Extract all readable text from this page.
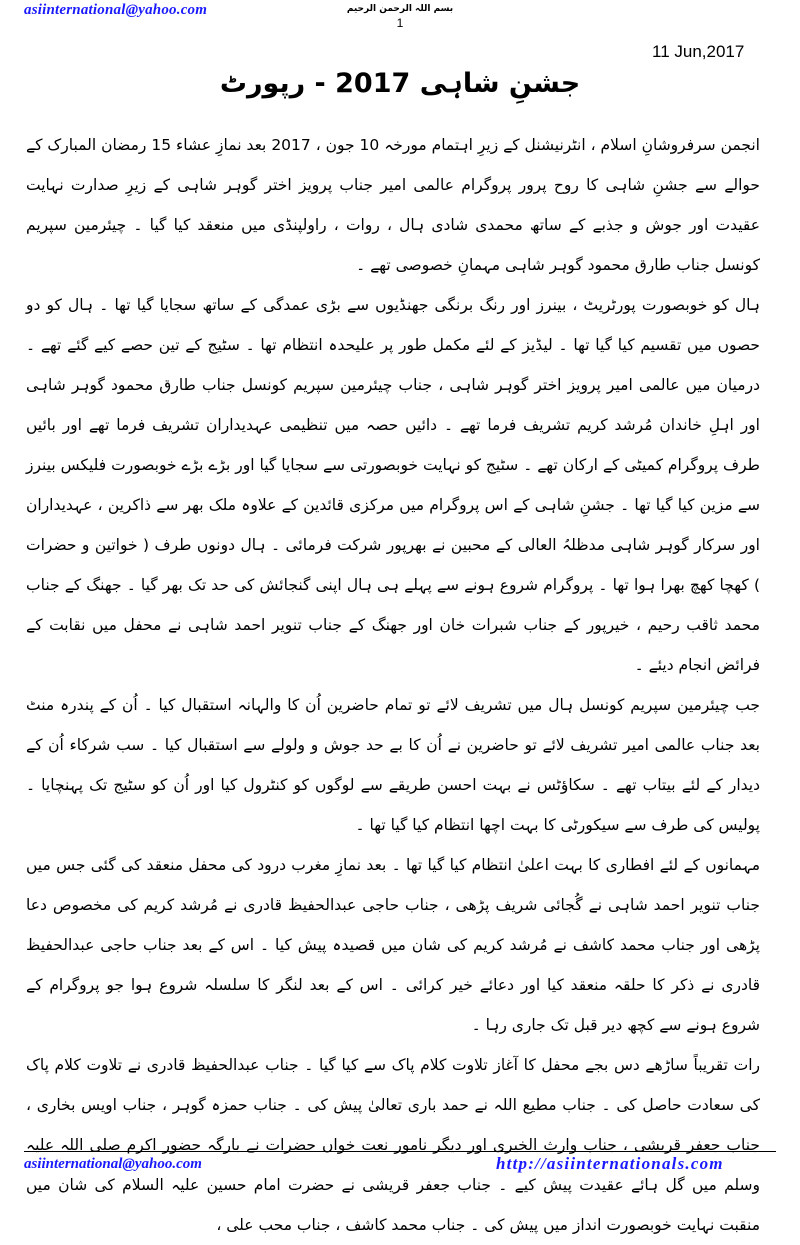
asiinternational@yahoo.com	بسم اللہ الرحمن الرحیم
1
11 Jun,2017
جشنِ شاہی 2017 - رپورٹ

انجمن سرفروشانِ اسلام ، انٹرنیشنل کے زیرِ اہتمام مورخہ 10 جون ، 2017 بعد نمازِ عشاء 15 رمضان المبارک کے حوالے سے جشنِ شاہی کا روح پرور پروگرام عالمی امیر جناب پرویز اختر گوہر شاہی کے زیرِ صدارت نہایت عقیدت اور جوش و جذبے کے ساتھ محمدی شادی ہال ، روات ، راولپنڈی میں منعقد کیا گیا ۔ چیئرمین سپریم کونسل جناب طارق محمود گوہر شاہی مہمانِ خصوصی تھے ۔

ہال کو خوبصورت پورٹریٹ ، بینرز اور رنگ برنگی جھنڈیوں سے بڑی عمدگی کے ساتھ سجایا گیا تھا ۔ ہال کو دو حصوں میں تقسیم کیا گیا تھا ۔ لیڈیز کے لئے مکمل طور پر علیحدہ انتظام تھا ۔ سٹیج کے تین حصے کیے گئے تھے ۔ درمیان میں عالمی امیر پرویز اختر گوہر شاہی ، جناب چیئرمین سپریم کونسل جناب طارق محمود گوہر شاہی اور اہلِ خاندان مُرشد کریم تشریف فرما تھے ۔ دائیں حصہ میں تنظیمی عہدیداران تشریف فرما تھے اور بائیں طرف پروگرام کمیٹی کے ارکان تھے ۔ سٹیج کو نہایت خوبصورتی سے سجایا گیا اور بڑے بڑے خوبصورت فلیکس بینرز سے مزین کیا گیا تھا ۔ جشنِ شاہی کے اس پروگرام میں مرکزی قائدین کے علاوہ ملک بھر سے ذاکرین ، عہدیداران اور سرکار گوہر شاہی مدظلہُ العالی کے محبین نے بھرپور شرکت فرمائی ۔ ہال دونوں طرف ( خواتین و حضرات ) کھچا کھچ بھرا ہوا تھا ۔ پروگرام شروع ہونے سے پہلے ہی ہال اپنی گنجائش کی حد تک بھر گیا ۔ جھنگ کے جناب محمد ثاقب رحیم ، خیرپور کے جناب شبرات خان اور جھنگ کے جناب تنویر احمد شاہی نے محفل میں نقابت کے فرائض انجام دیئے ۔

جب چیئرمین سپریم کونسل ہال میں تشریف لائے تو تمام حاضرین اُن کا والہانہ استقبال کیا ۔ اُن کے پندرہ منٹ بعد جناب عالمی امیر تشریف لائے تو حاضرین نے اُن کا بے حد جوش و ولولے سے استقبال کیا ۔ سب شرکاء اُن کے دیدار کے لئے بیتاب تھے ۔ سکاؤٹس نے بہت احسن طریقے سے لوگوں کو کنٹرول کیا اور اُن کو سٹیج تک پہنچایا ۔ پولیس کی طرف سے سیکورٹی کا بہت اچھا انتظام کیا گیا تھا ۔

مہمانوں کے لئے افطاری کا بہت اعلیٰ انتظام کیا گیا تھا ۔ بعد نمازِ مغرب درود کی محفل منعقد کی گئی جس میں جناب تنویر احمد شاہی نے گُجائی شریف پڑھی ، جناب حاجی عبدالحفیظ قادری نے مُرشد کریم کی مخصوص دعا پڑھی اور جناب محمد کاشف نے مُرشد کریم کی شان میں قصیدہ پیش کیا ۔ اس کے بعد جناب حاجی عبدالحفیظ قادری نے ذکر کا حلقہ منعقد کیا اور دعائے خیر کرائی ۔ اس کے بعد لنگر کا سلسلہ شروع ہوا جو پروگرام کے شروع ہونے سے کچھ دیر قبل تک جاری رہا ۔

رات تقریباً ساڑھے دس بجے محفل کا آغاز تلاوت کلام پاک سے کیا گیا ۔ جناب عبدالحفیظ قادری نے تلاوت کلام پاک کی سعادت حاصل کی ۔ جناب مطیع اللہ نے حمد باری تعالیٰ پیش کی ۔ جناب حمزہ گوہر ، جناب اویس بخاری ، جناب جعفر قریشی ، جناب وارث الخیری اور دیگر نامور نعت خواں حضرات نے بارگہ حضور اکرم صلی اللہ علیہ وسلم میں گل ہائے عقیدت پیش کیے ۔ جناب جعفر قریشی نے حضرت امام حسین علیہ السلام کی شان میں منقبت نہایت خوبصورت انداز میں پیش کی ۔ جناب محمد کاشف ، جناب محب علی ،

asiinternational@yahoo.com	http://asiinternationals.com
